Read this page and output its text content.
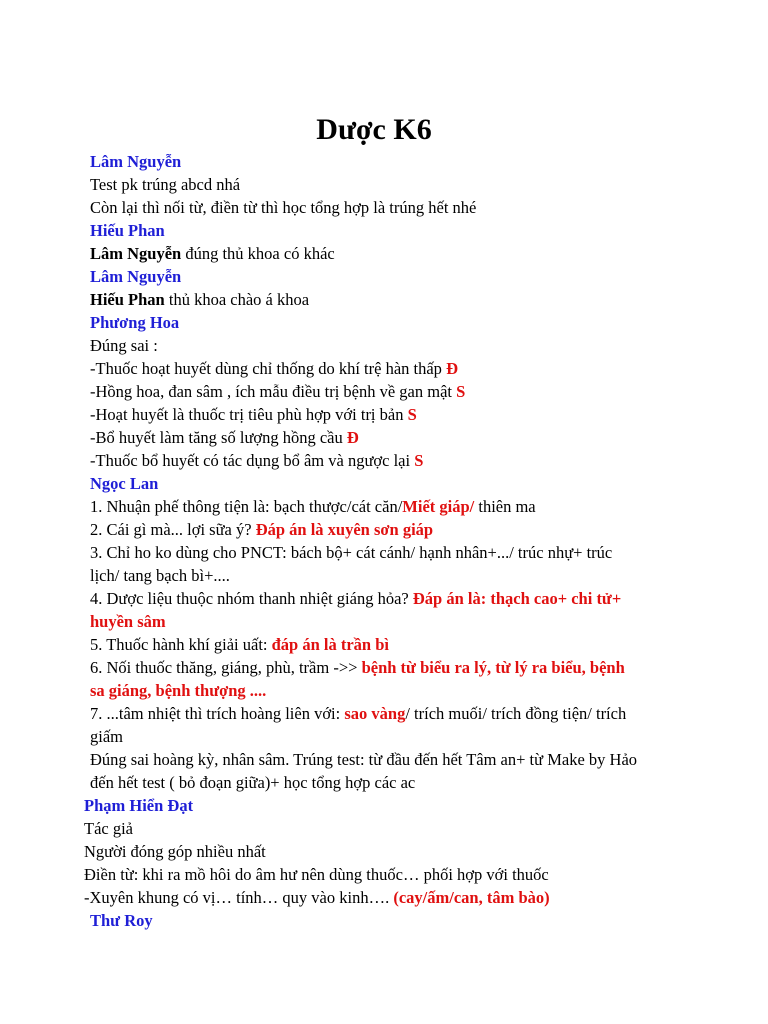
Dược K6
Lâm Nguyễn
Test pk trúng abcd nhá
Còn lại thì nối từ, điền từ thì học tổng hợp là trúng hết nhé
Hiếu Phan
Lâm Nguyễn đúng thủ khoa có khác
Lâm Nguyễn
Hiếu Phan thủ khoa chào á khoa
Phương Hoa
Đúng sai :
-Thuốc hoạt huyết dùng chỉ thống do khí trệ hàn thấp Đ
-Hồng hoa, đan sâm , ích mẫu điều trị bệnh về gan mật S
-Hoạt huyết là thuốc trị tiêu phù hợp với trị bản S
-Bổ huyết làm tăng số lượng hồng cầu Đ
-Thuốc bổ huyết có tác dụng bổ âm và ngược lại S
Ngọc Lan
1. Nhuận phế thông tiện là: bạch thược/cát căn/Miết giáp/ thiên ma
2. Cái gì mà... lợi sữa ý? Đáp án là xuyên sơn giáp
3. Chỉ ho ko dùng cho PNCT: bách bộ+ cát cánh/ hạnh nhân+.../ trúc nhự+ trúc
lịch/ tang bạch bì+....
4. Dược liệu thuộc nhóm thanh nhiệt giáng hỏa? Đáp án là: thạch cao+ chi tử+
huyền sâm
5. Thuốc hành khí giải uất: đáp án là trần bì
6. Nối thuốc thăng, giáng, phù, trầm ->> bệnh từ biểu ra lý, từ lý ra biểu, bệnh
sa giáng, bệnh thượng ....
7. ...tâm nhiệt thì trích hoàng liên với: sao vàng/ trích muối/ trích đồng tiện/ trích
giấm
Đúng sai hoàng kỳ, nhân sâm. Trúng test: từ đầu đến hết Tâm an+ từ Make by Hảo
đến hết test ( bỏ đoạn giữa)+ học tổng hợp các ac
Phạm Hiển Đạt
Tác giả
Người đóng góp nhiều nhất
Điền từ: khi ra mồ hôi do âm hư nên dùng thuốc… phối hợp với thuốc
-Xuyên khung có vị… tính… quy vào kinh…. (cay/ấm/can, tâm bào)
Thư Roy
